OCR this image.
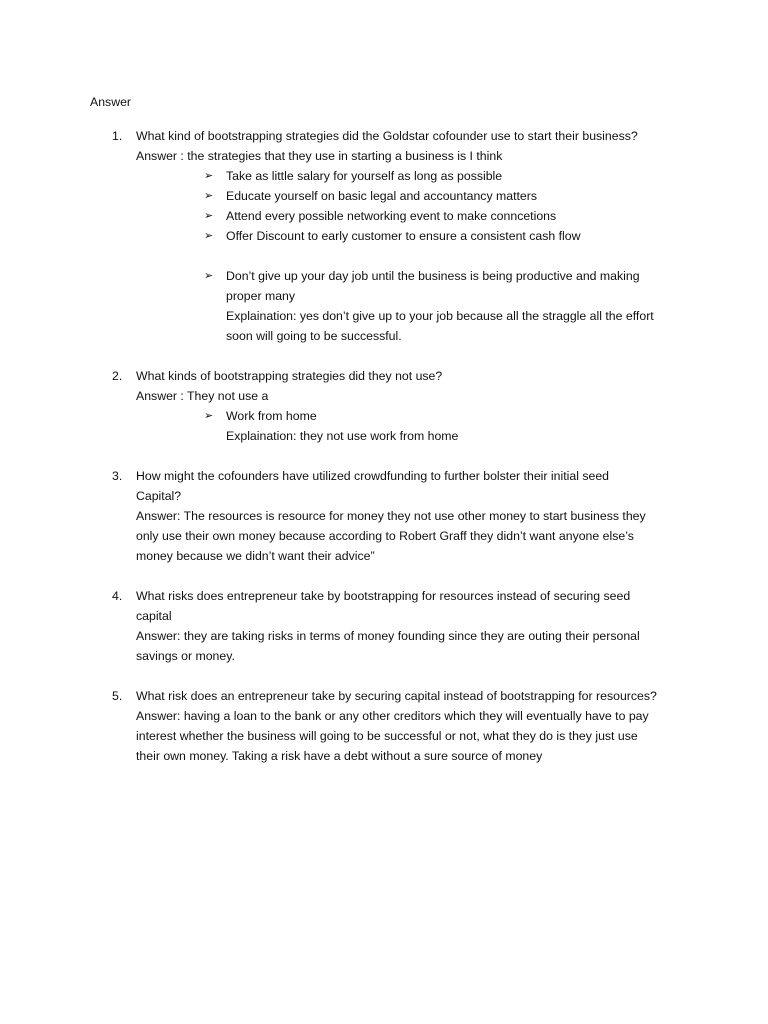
Answer
1. What kind of bootstrapping strategies did the Goldstar cofounder use to start their business?
Answer : the strategies that they use in starting a business is I think
➢ Take as little salary for yourself as long as possible
➢ Educate yourself on basic legal and accountancy matters
➢ Attend every possible networking event to make conncetions
➢ Offer Discount to early customer to ensure a consistent cash flow
➢ Don’t give up your day job until the business is being productive and making
proper many
Explaination: yes don’t give up to your job because all the straggle all the effort
soon will going to be successful.
2. What kinds of bootstrapping strategies did they not use?
Answer : They not use a
➢ Work from home
Explaination: they not use work from home
3. How might the cofounders have utilized crowdfunding to further bolster their initial seed
Capital?
Answer: The resources is resource for money they not use other money to start business they
only use their own money because according to Robert Graff they didn’t want anyone else’s
money because we didn’t want their advice”
4. What risks does entrepreneur take by bootstrapping for resources instead of securing seed
capital
Answer: they are taking risks in terms of money founding since they are outing their personal
savings or money.
5. What risk does an entrepreneur take by securing capital instead of bootstrapping for resources?
Answer: having a loan to the bank or any other creditors which they will eventually have to pay
interest whether the business will going to be successful or not, what they do is they just use
their own money. Taking a risk have a debt without a sure source of money
